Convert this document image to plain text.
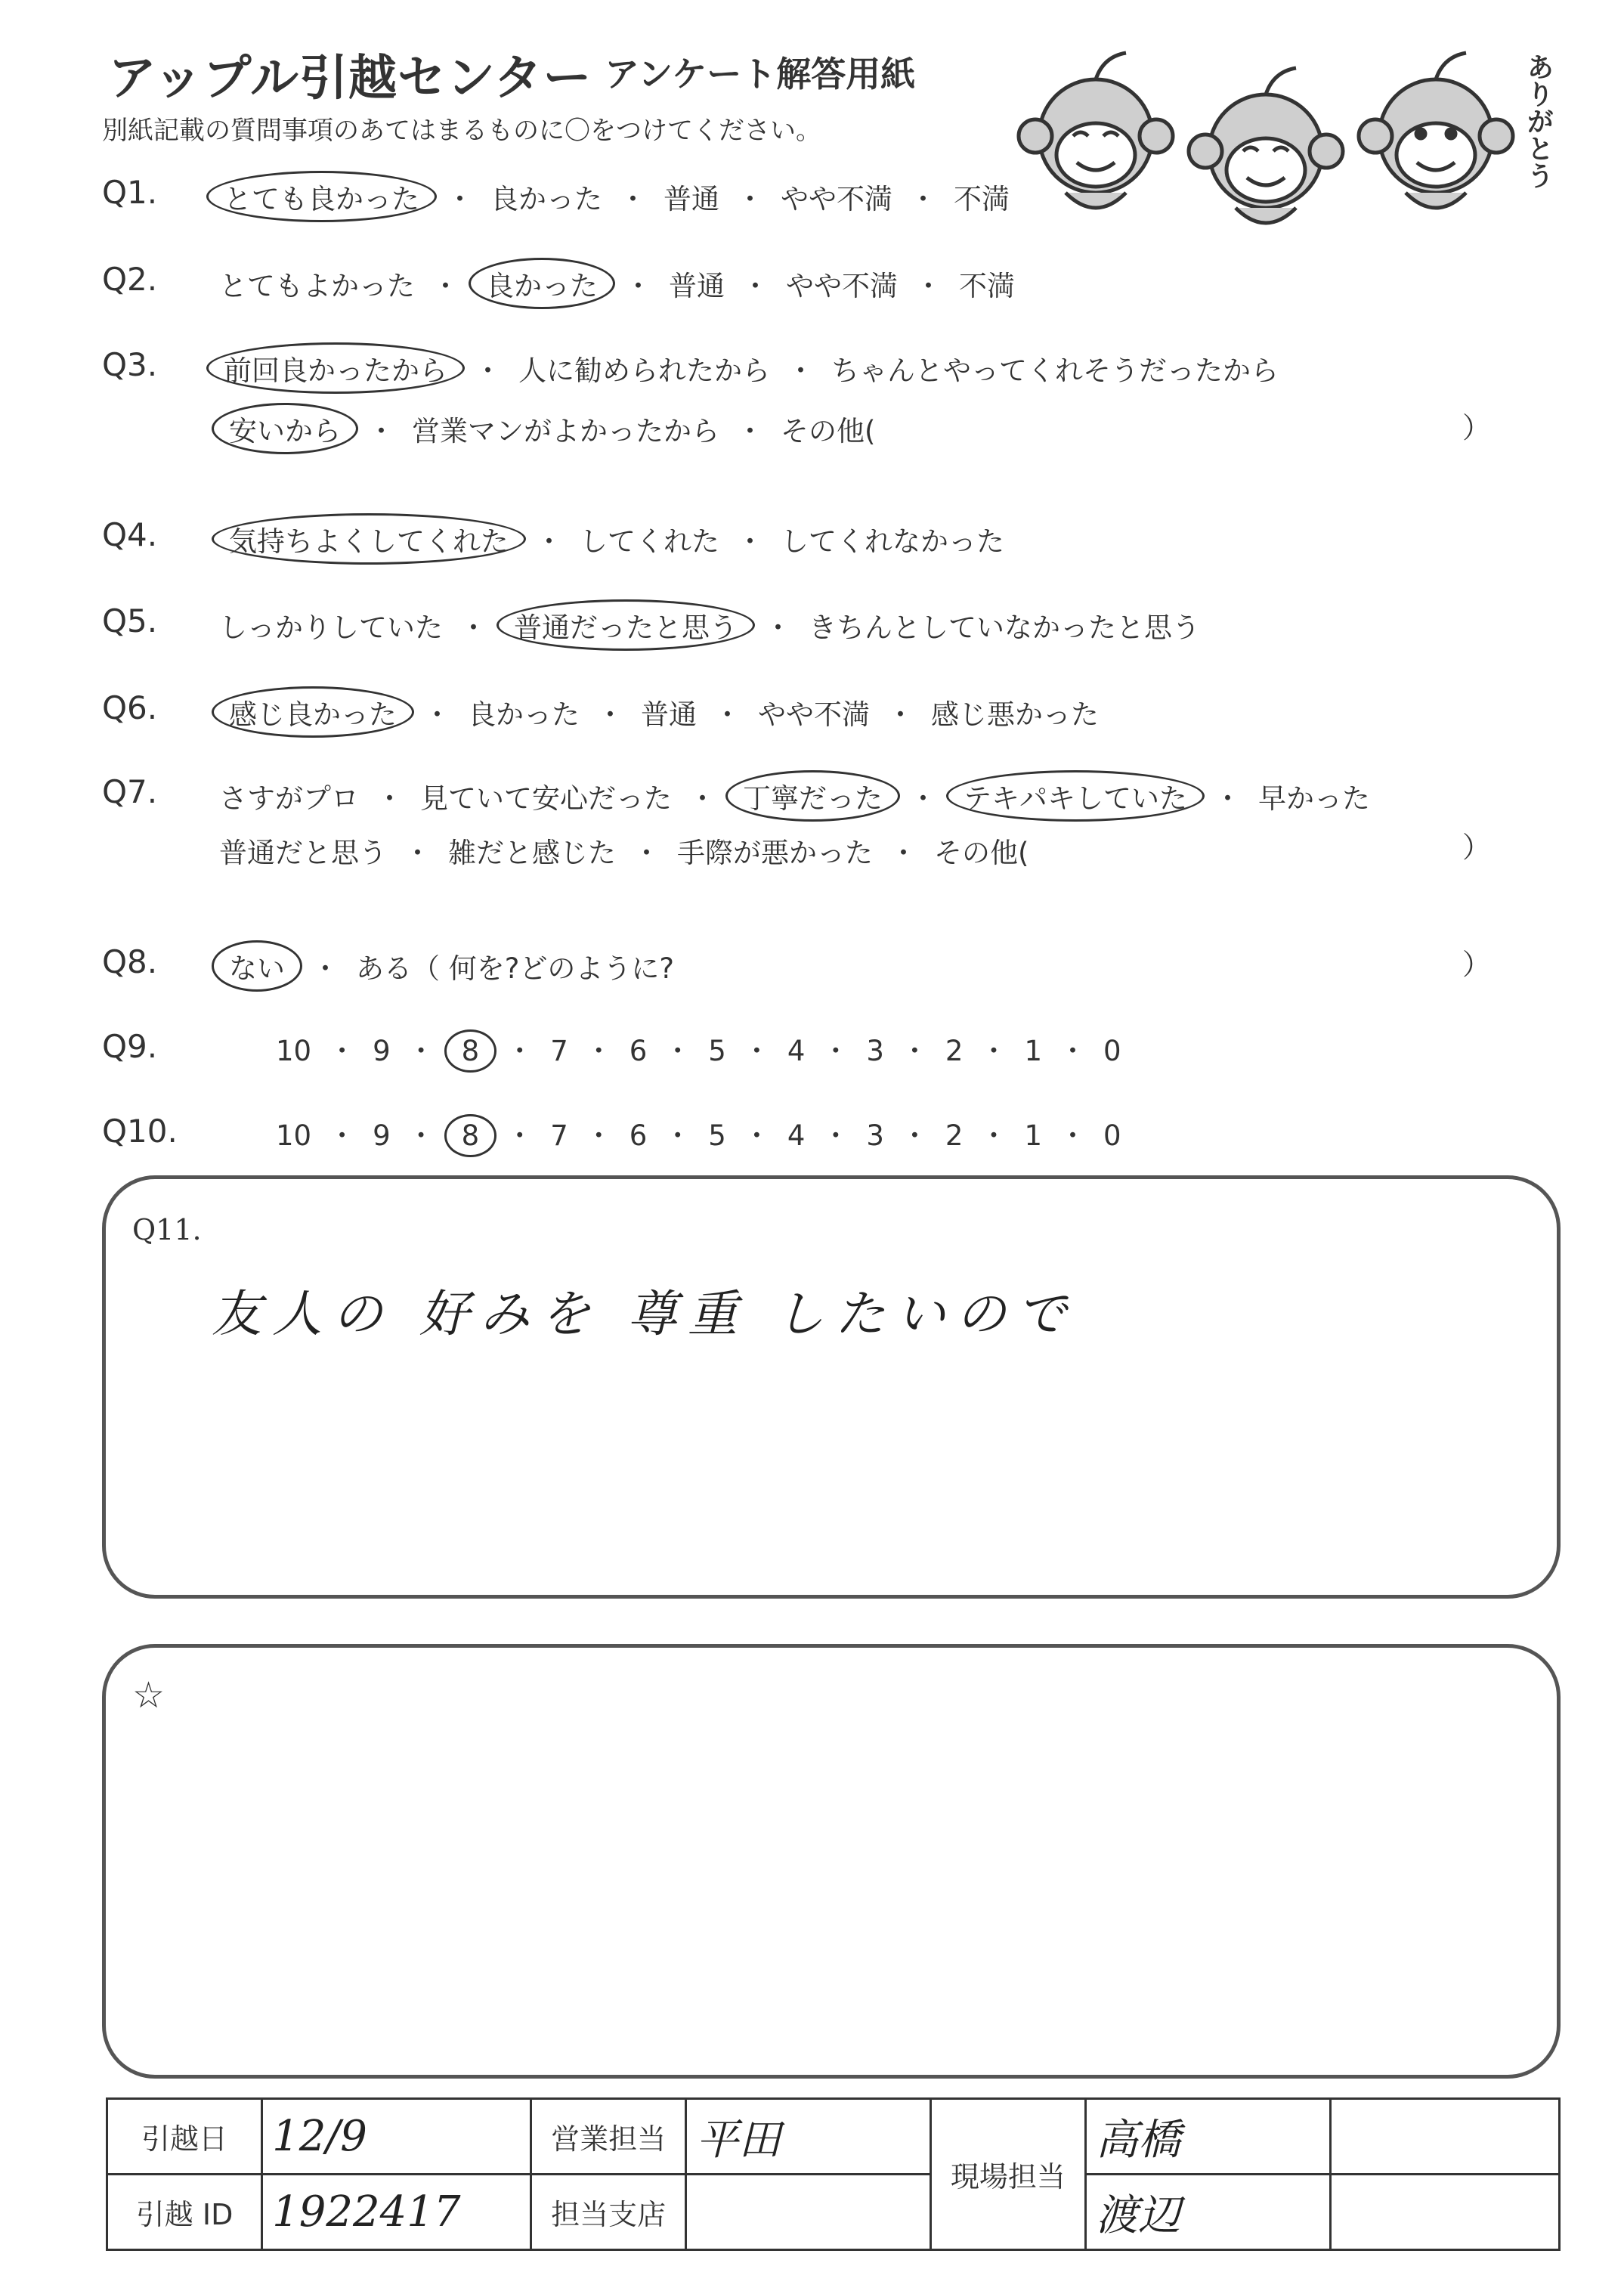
アップル引越センター アンケート解答用紙
別紙記載の質問事項のあてはまるものに〇をつけてください。	ありがとう
Q1.	とても良かった ・ 良かった ・ 普通 ・ やや不満 ・ 不満
Q2. とてもよかった ・ 良かった ・ 普通 ・ やや不満 ・ 不満
Q3.	前回良かったから ・ 人に勧められたから ・ ちゃんとやってくれそうだったから
安いから ・ 営業マンがよかったから ・ その他(	）
Q4.	気持ちよくしてくれた ・ してくれた ・ してくれなかった
Q5. しっかりしていた ・ 普通だったと思う ・ きちんとしていなかったと思う
Q6.	感じ良かった ・ 良かった ・ 普通 ・ やや不満 ・ 感じ悪かった
Q7. さすがプロ ・ 見ていて安心だった ・ 丁寧だった ・ テキパキしていた ・ 早かった
普通だと思う ・ 雑だと感じた ・ 手際が悪かった ・ その他(	）
Q8.	ない ・ ある（ 何を?どのように?	）
Q9.	10 ・ 9 ・ 8 ・ 7 ・ 6 ・ 5 ・ 4 ・ 3 ・ 2 ・ 1 ・ 0
Q10.	10 ・ 9 ・ 8 ・ 7 ・ 6 ・ 5 ・ 4 ・ 3 ・ 2 ・ 1 ・ 0
Q11.
友人の 好みを 尊重 したいので
☆
引越日	12/9	営業担当	平田	現場担当	高橋	
引越 ID	1922417	担当支店			渡辺	
